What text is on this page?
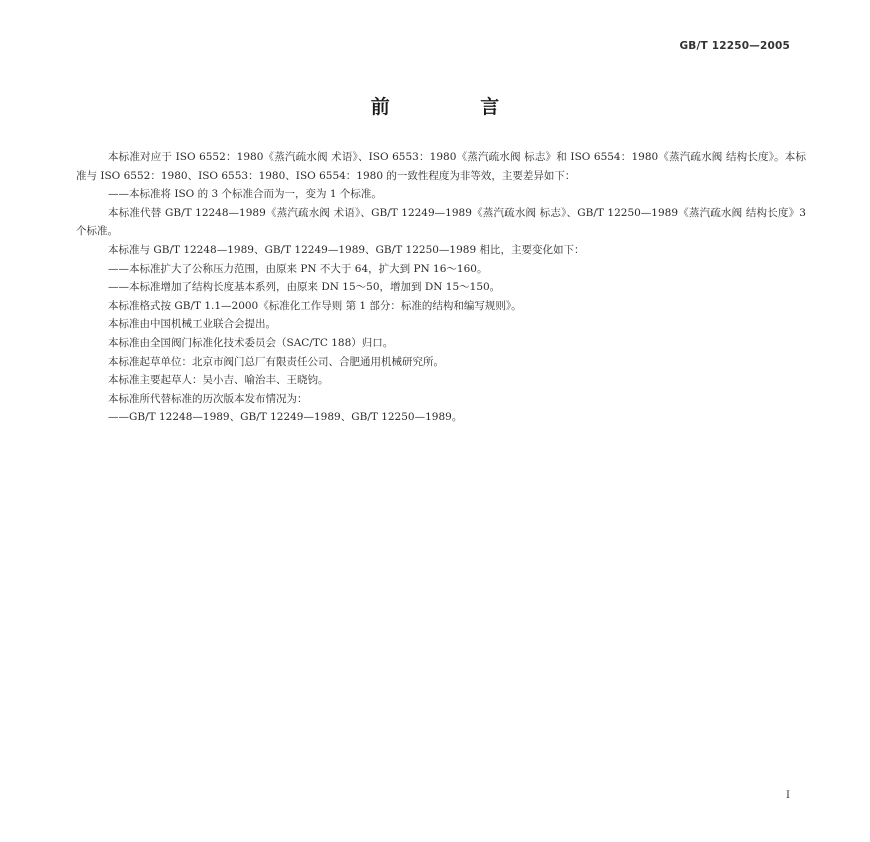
GB/T 12250—2005
前 言

本标准对应于 ISO 6552：1980《蒸汽疏水阀 术语》、ISO 6553：1980《蒸汽疏水阀 标志》和 ISO 6554：1980《蒸汽疏水阀 结构长度》。本标准与 ISO 6552：1980、ISO 6553：1980、ISO 6554：1980 的一致性程度为非等效，主要差异如下：

——本标准将 ISO 的 3 个标准合而为一，变为 1 个标准。

本标准代替 GB/T 12248—1989《蒸汽疏水阀 术语》、GB/T 12249—1989《蒸汽疏水阀 标志》、GB/T 12250—1989《蒸汽疏水阀 结构长度》3 个标准。

本标准与 GB/T 12248—1989、GB/T 12249—1989、GB/T 12250—1989 相比，主要变化如下：

——本标准扩大了公称压力范围，由原来 PN 不大于 64，扩大到 PN 16～160。

——本标准增加了结构长度基本系列，由原来 DN 15～50，增加到 DN 15～150。

本标准格式按 GB/T 1.1—2000《标准化工作导则 第 1 部分：标准的结构和编写规则》。

本标准由中国机械工业联合会提出。

本标准由全国阀门标准化技术委员会（SAC/TC 188）归口。

本标准起草单位：北京市阀门总厂有限责任公司、合肥通用机械研究所。

本标准主要起草人：吴小吉、喻治丰、王晓钧。

本标准所代替标准的历次版本发布情况为：

——GB/T 12248—1989、GB/T 12249—1989、GB/T 12250—1989。

I
